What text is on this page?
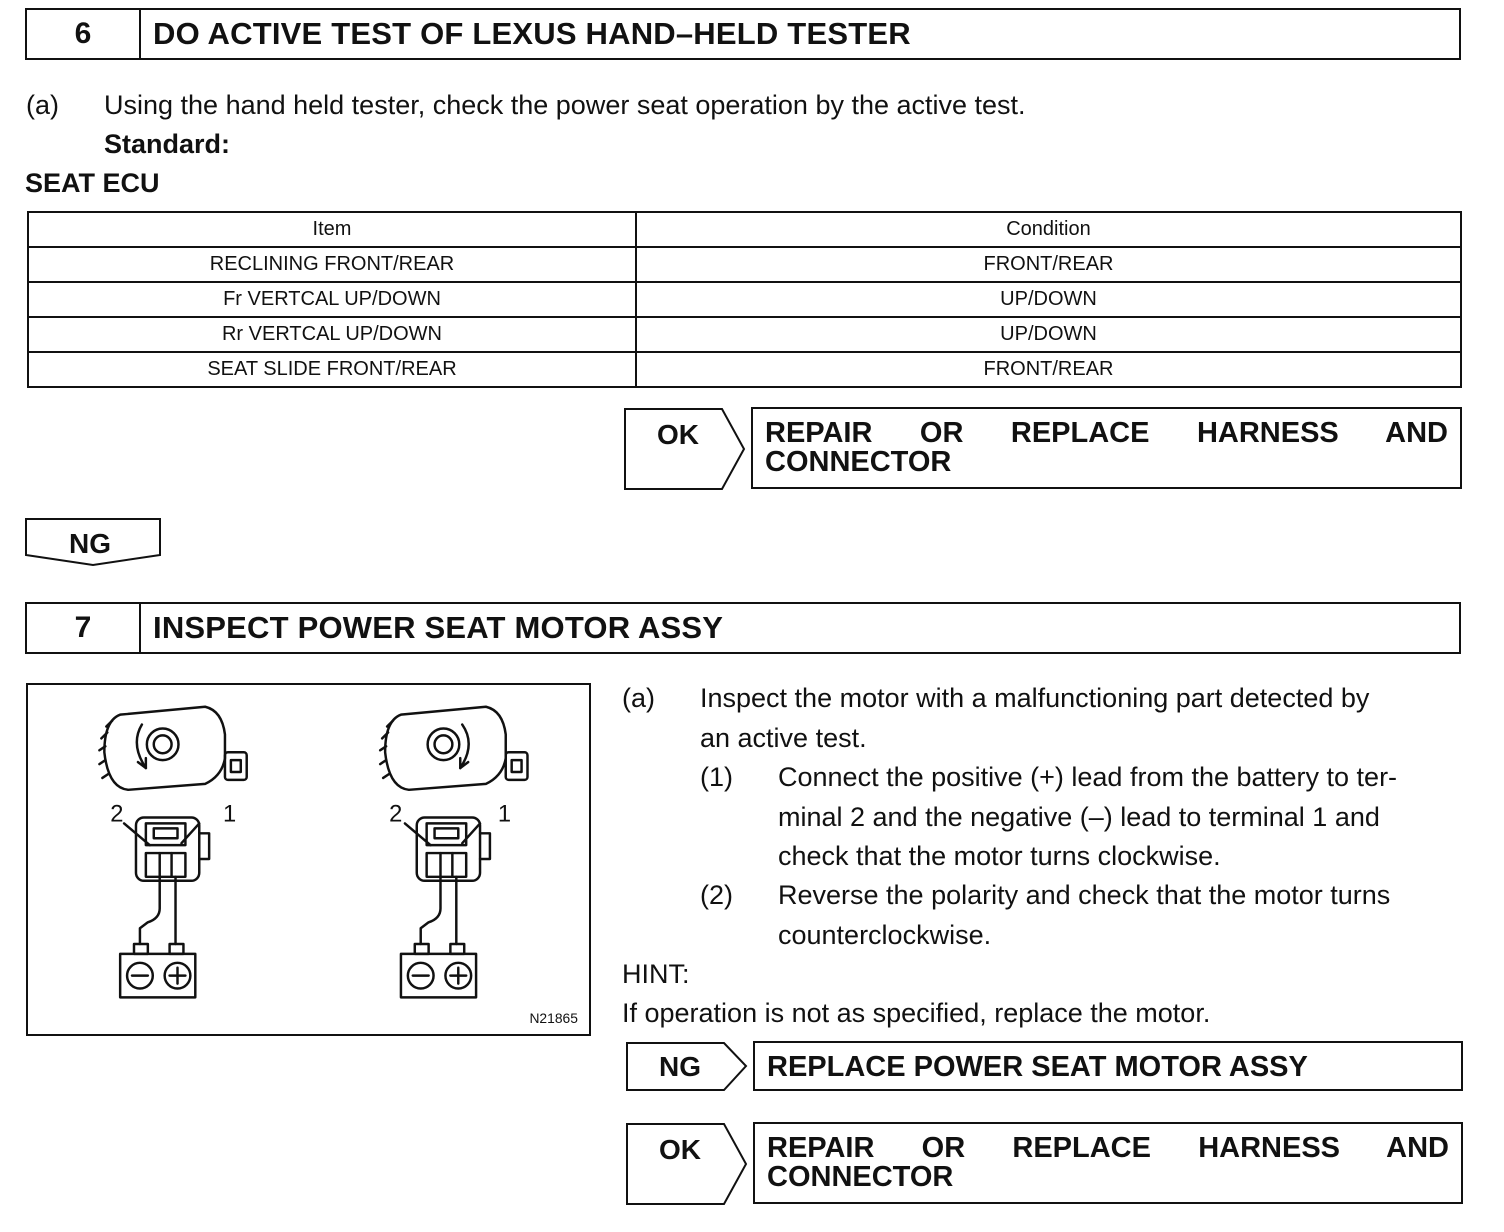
6	DO ACTIVE TEST OF LEXUS HAND–HELD TESTER
(a) Using the hand held tester, check the power seat operation by the active test.
Standard:
SEAT ECU
Item	Condition
RECLINING FRONT/REAR	FRONT/REAR
Fr VERTCAL UP/DOWN	UP/DOWN
Rr VERTCAL UP/DOWN	UP/DOWN
SEAT SLIDE FRONT/REAR	FRONT/REAR
OK REPAIR OR REPLACE HARNESS AND
CONNECTOR
NG
7	INSPECT POWER SEAT MOTOR ASSY
2	1	2	1
N21865
(a) Inspect the motor with a malfunctioning part detected by
an active test.
(1) Connect the positive (+) lead from the battery to ter-
minal 2 and the negative (–) lead to terminal 1 and
check that the motor turns clockwise.
(2) Reverse the polarity and check that the motor turns
counterclockwise.
HINT:
If operation is not as specified, replace the motor.
NG REPLACE POWER SEAT MOTOR ASSY
OK REPAIR OR REPLACE HARNESS AND
CONNECTOR
